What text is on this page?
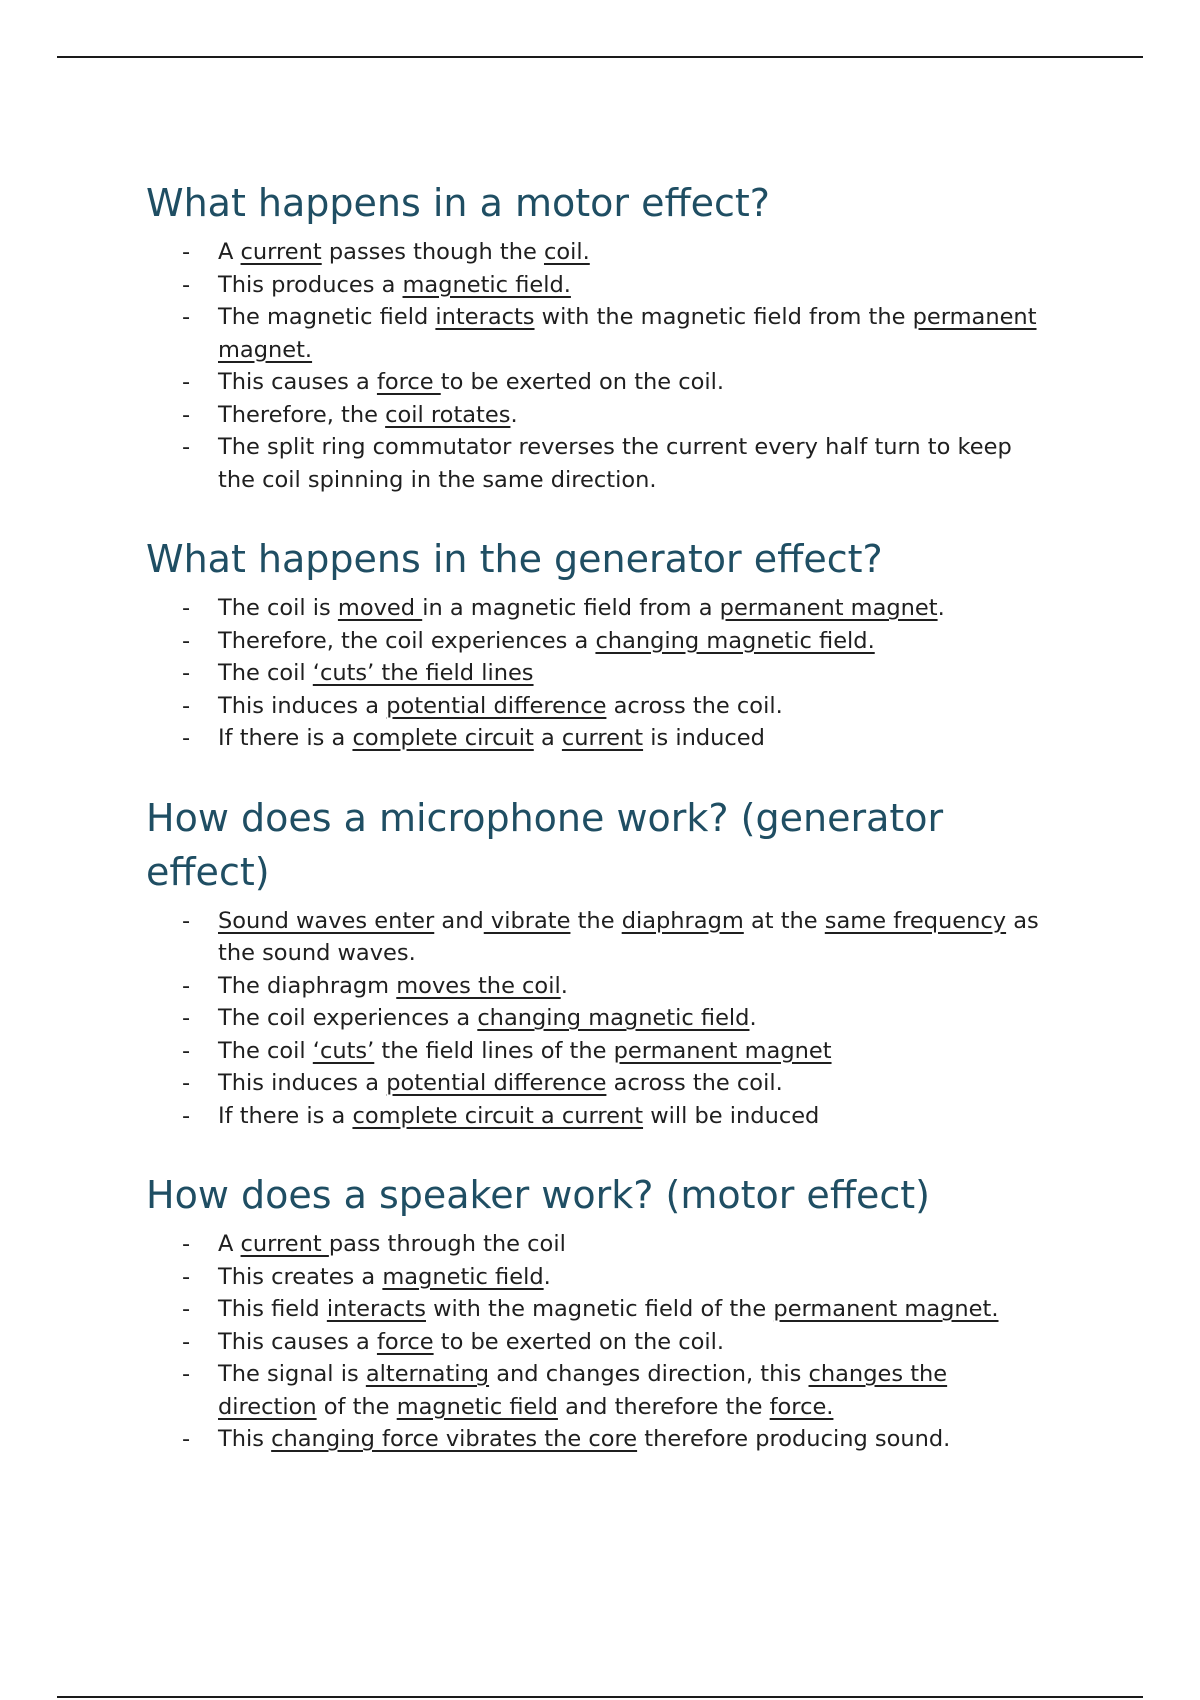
What happens in a motor effect?
- A current passes though the coil.
- This produces a magnetic field.
- The magnetic field interacts with the magnetic field from the permanent magnet.
- This causes a force to be exerted on the coil.
- Therefore, the coil rotates.
- The split ring commutator reverses the current every half turn to keep the coil spinning in the same direction.
What happens in the generator effect?
- The coil is moved in a magnetic field from a permanent magnet.
- Therefore, the coil experiences a changing magnetic field.
- The coil ‘cuts’ the field lines
- This induces a potential difference across the coil.
- If there is a complete circuit a current is induced
How does a microphone work? (generator effect)
- Sound waves enter and vibrate the diaphragm at the same frequency as the sound waves.
- The diaphragm moves the coil.
- The coil experiences a changing magnetic field.
- The coil ‘cuts’ the field lines of the permanent magnet
- This induces a potential difference across the coil.
- If there is a complete circuit a current will be induced
How does a speaker work? (motor effect)
- A current pass through the coil
- This creates a magnetic field.
- This field interacts with the magnetic field of the permanent magnet.
- This causes a force to be exerted on the coil.
- The signal is alternating and changes direction, this changes the direction of the magnetic field and therefore the force.
- This changing force vibrates the core therefore producing sound.
